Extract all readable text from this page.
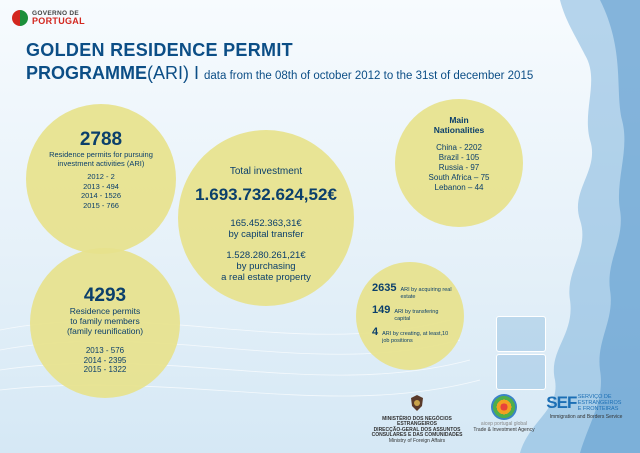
GOVERNO DE
PORTUGAL
GOLDEN RESIDENCE PERMIT
PROGRAMME(ARI) I data from the 08th of october 2012 to the 31st of december 2015
2788
Residence permits for pursuing investment activities (ARI)
2012 - 2
2013 - 494
2014 - 1526
2015 - 766
4293
Residence permits
to family members
(family reunification)
2013 - 576
2014 - 2395
2015 - 1322
Total investment
1.693.732.624,52€
165.452.363,31€
by capital transfer
1.528.280.261,21€
by purchasing
a real estate property
Main
Nationalities
China - 2202
Brazil - 105
Russia - 97
South Africa – 75
Lebanon – 44
2635 ARI by acquiring real estate
149 ARI by transfering capital
4 ARI by creating, at least,10 job positions
MINISTÉRIO DOS NEGÓCIOS ESTRANGEIROS
DIRECÇÃO-GERAL DOS ASSUNTOS CONSULARES E DAS COMUNIDADES
Ministry of Foreign Affairs
aicep portugal global
Trade & Investment Agency
SEF SERVIÇO DE ESTRANGEIROS E FRONTEIRAS
Immigration and Borders Service
